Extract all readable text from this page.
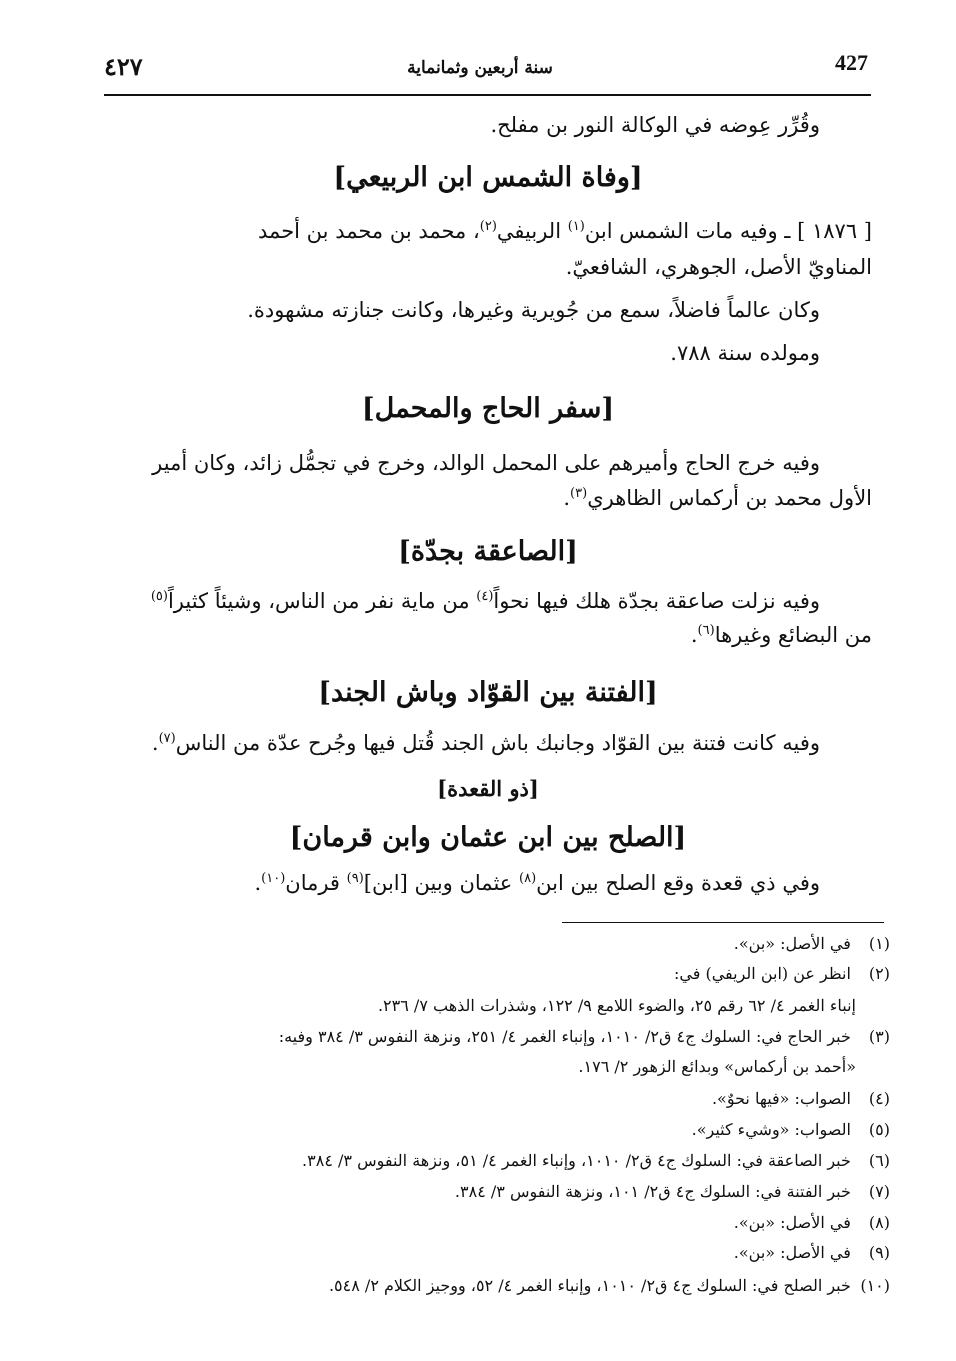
٤٢٧	سنة أربعين وثمانماية	427
وقُرِّر عِوضه في الوكالة النور بن مفلح.
[وفاة الشمس ابن الربيعي]
[ ١٨٧٦ ] ـ وفيه مات الشمس ابن$^{(١)}$ الربيفي$^{(٢)}$، محمد بن محمد بن أحمد
المناويّ الأصل، الجوهري، الشافعيّ.
وكان عالماً فاضلاً، سمع من جُويرية وغيرها، وكانت جنازته مشهودة.
ومولده سنة ٧٨٨.
[سفر الحاج والمحمل]
وفيه خرج الحاج وأميرهم على المحمل الوالد، وخرج في تجمُّل زائد، وكان أمير
الأول محمد بن أركماس الظاهري$^{(٣)}$.
[الصاعقة بجدّة]
وفيه نزلت صاعقة بجدّة هلك فيها نحواً$^{(٤)}$ من ماية نفر من الناس، وشيئاً كثيراً$^{(٥)}$
من البضائع وغيرها$^{(٦)}$.
[الفتنة بين القوّاد وباش الجند]
وفيه كانت فتنة بين القوّاد وجانبك باش الجند قُتل فيها وجُرح عدّة من الناس$^{(٧)}$.
[ذو القعدة]
[الصلح بين ابن عثمان وابن قرمان]
وفي ذي قعدة وقع الصلح بين ابن$^{(٨)}$ عثمان وبين [ابن]$^{(٩)}$ قرمان$^{(١٠)}$.
(١) في الأصل: «بن».
(٢) انظر عن (ابن الريفي) في:
إنباء الغمر ٤/ ٦٢ رقم ٢٥، والضوء اللامع ٩/ ١٢٢، وشذرات الذهب ٧/ ٢٣٦.
(٣) خبر الحاج في: السلوك ج٤ ق٢/ ١٠١٠، وإنباء الغمر ٤/ ٢٥١، ونزهة النفوس ٣/ ٣٨٤ وفيه:
«أحمد بن أركماس» وبدائع الزهور ٢/ ١٧٦.
(٤) الصواب: «فيها نحوٌ».
(٥) الصواب: «وشيء كثير».
(٦) خبر الصاعقة في: السلوك ج٤ ق٢/ ١٠١٠، وإنباء الغمر ٤/ ٥١، ونزهة النفوس ٣/ ٣٨٤.
(٧) خبر الفتنة في: السلوك ج٤ ق٢/ ١٠١، ونزهة النفوس ٣/ ٣٨٤.
(٨) في الأصل: «بن».
(٩) في الأصل: «بن».
(١٠) خبر الصلح في: السلوك ج٤ ق٢/ ١٠١٠، وإنباء الغمر ٤/ ٥٢، ووجيز الكلام ٢/ ٥٤٨.
